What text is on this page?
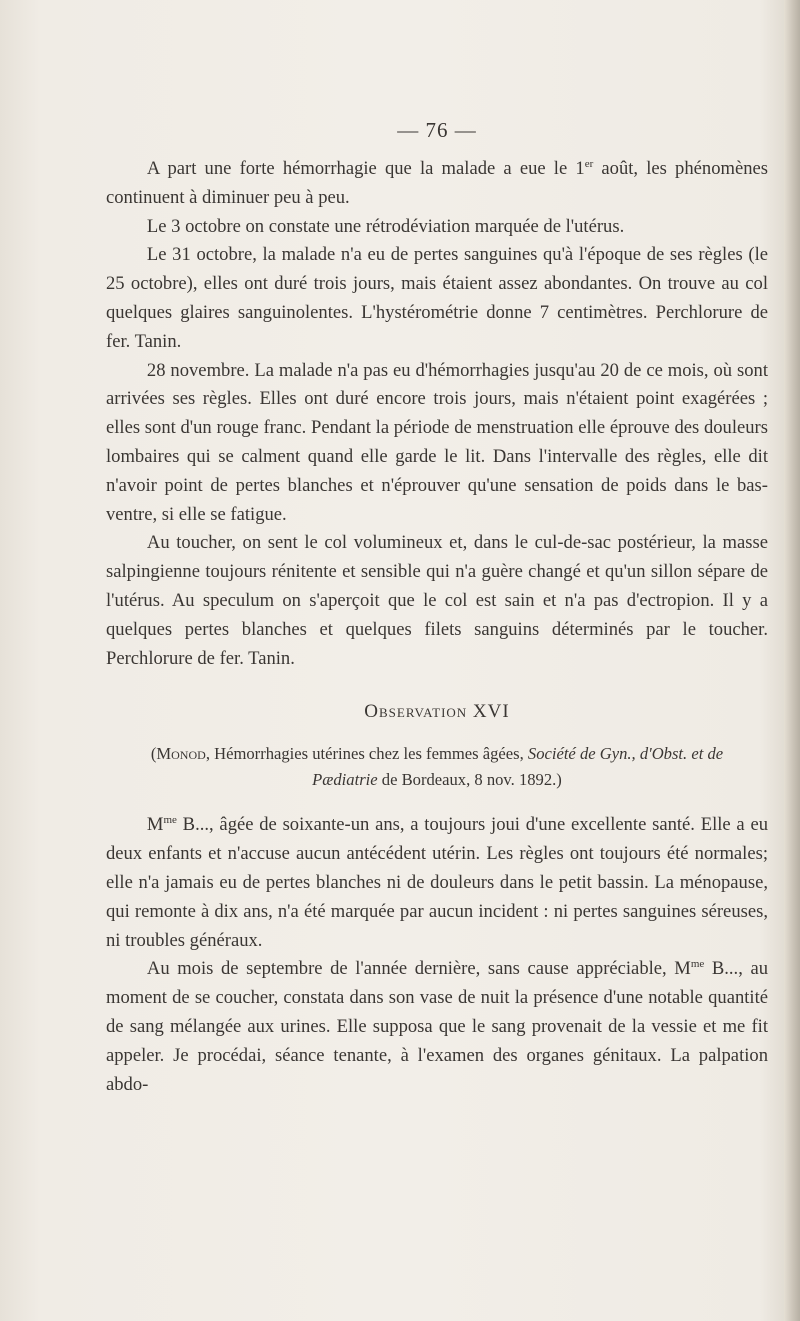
— 76 —

A part une forte hémorrhagie que la malade a eue le 1er août, les phénomènes continuent à diminuer peu à peu.

Le 3 octobre on constate une rétrodéviation marquée de l'utérus.

Le 31 octobre, la malade n'a eu de pertes sanguines qu'à l'époque de ses règles (le 25 octobre), elles ont duré trois jours, mais étaient assez abondantes. On trouve au col quelques glaires sanguinolentes. L'hystérométrie donne 7 centimètres. Perchlorure de fer. Tanin.

28 novembre. La malade n'a pas eu d'hémorrhagies jusqu'au 20 de ce mois, où sont arrivées ses règles. Elles ont duré encore trois jours, mais n'étaient point exagérées ; elles sont d'un rouge franc. Pendant la période de menstruation elle éprouve des douleurs lombaires qui se calment quand elle garde le lit. Dans l'intervalle des règles, elle dit n'avoir point de pertes blanches et n'éprouver qu'une sensation de poids dans le bas-ventre, si elle se fatigue.

Au toucher, on sent le col volumineux et, dans le cul-de-sac postérieur, la masse salpingienne toujours rénitente et sensible qui n'a guère changé et qu'un sillon sépare de l'utérus. Au speculum on s'aperçoit que le col est sain et n'a pas d'ectropion. Il y a quelques pertes blanches et quelques filets sanguins déterminés par le toucher. Perchlorure de fer. Tanin.

Observation XVI

(Monod, Hémorrhagies utérines chez les femmes âgées, Société de Gyn., d'Obst. et de Pædiatrie de Bordeaux, 8 nov. 1892.)

$M^{me}$ B..., âgée de soixante-un ans, a toujours joui d'une excellente santé. Elle a eu deux enfants et n'accuse aucun antécédent utérin. Les règles ont toujours été normales; elle n'a jamais eu de pertes blanches ni de douleurs dans le petit bassin. La ménopause, qui remonte à dix ans, n'a été marquée par aucun incident : ni pertes sanguines séreuses, ni troubles généraux.

Au mois de septembre de l'année dernière, sans cause appréciable, $M^{me}$ B..., au moment de se coucher, constata dans son vase de nuit la présence d'une notable quantité de sang mélangée aux urines. Elle supposa que le sang provenait de la vessie et me fit appeler. Je procédai, séance tenante, à l'examen des organes génitaux. La palpation abdo-
